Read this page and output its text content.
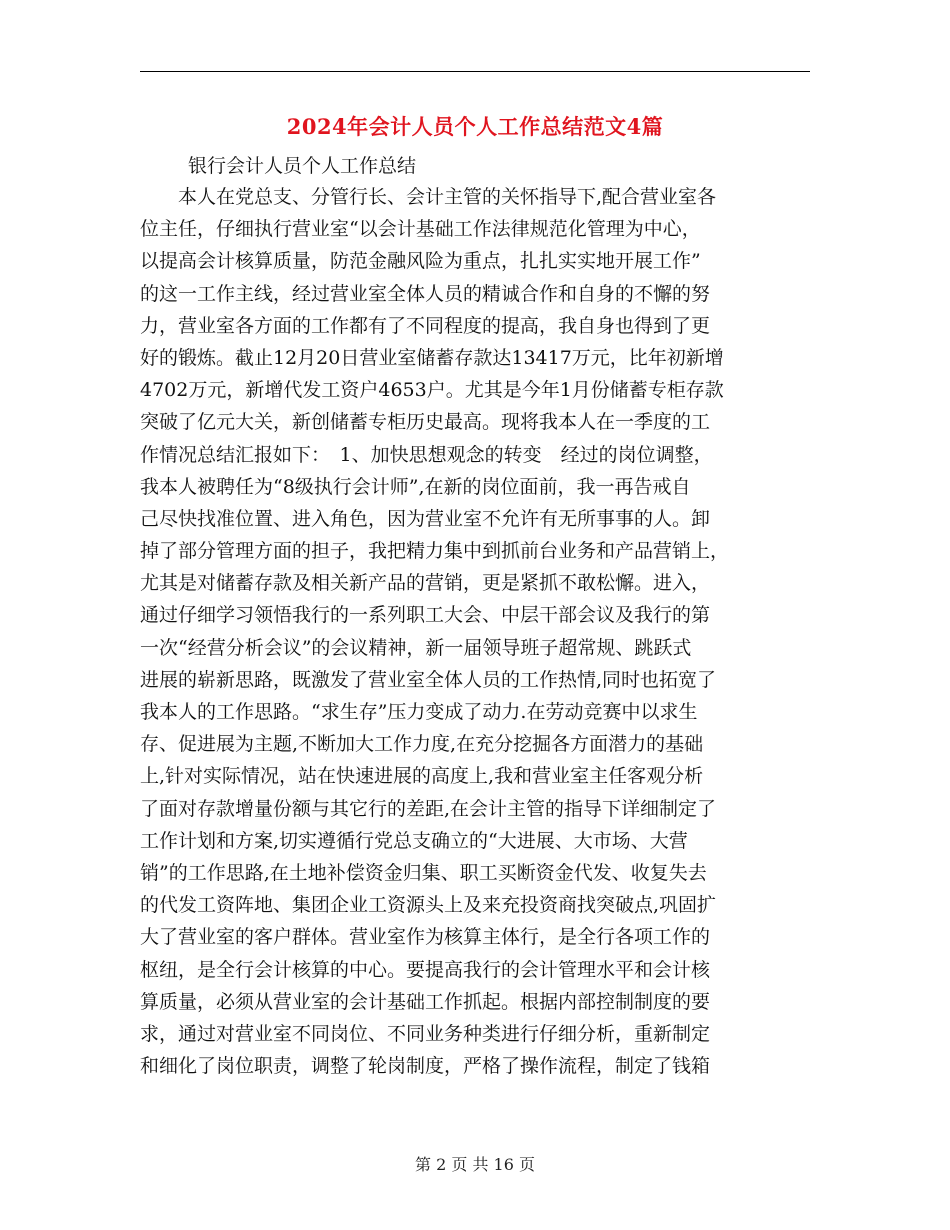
2024年会计人员个人工作总结范文4篇
银行会计人员个人工作总结
　　本人在党总支、分管行长、会计主管的关怀指导下,配合营业室各
位主任，仔细执行营业室“以会计基础工作法律规范化管理为中心，
以提高会计核算质量，防范金融风险为重点，扎扎实实地开展工作”
的这一工作主线，经过营业室全体人员的精诚合作和自身的不懈的努
力，营业室各方面的工作都有了不同程度的提高，我自身也得到了更
好的锻炼。截止12月20日营业室储蓄存款达13417万元，比年初新增
4702万元，新增代发工资户4653户。尤其是今年1月份储蓄专柜存款
突破了亿元大关，新创储蓄专柜历史最高。现将我本人在一季度的工
作情况总结汇报如下：　1、加快思想观念的转变　经过的岗位调整，
我本人被聘任为“8级执行会计师”,在新的岗位面前，我一再告戒自
己尽快找准位置、进入角色，因为营业室不允许有无所事事的人。卸
掉了部分管理方面的担子，我把精力集中到抓前台业务和产品营销上，
尤其是对储蓄存款及相关新产品的营销，更是紧抓不敢松懈。进入，
通过仔细学习领悟我行的一系列职工大会、中层干部会议及我行的第
一次“经营分析会议”的会议精神，新一届领导班子超常规、跳跃式
进展的崭新思路，既激发了营业室全体人员的工作热情,同时也拓宽了
我本人的工作思路。“求生存”压力变成了动力.在劳动竞赛中以求生
存、促进展为主题,不断加大工作力度,在充分挖掘各方面潜力的基础
上,针对实际情况，站在快速进展的高度上,我和营业室主任客观分析
了面对存款增量份额与其它行的差距,在会计主管的指导下详细制定了
工作计划和方案,切实遵循行党总支确立的“大进展、大市场、大营
销”的工作思路,在土地补偿资金归集、职工买断资金代发、收复失去
的代发工资阵地、集团企业工资源头上及来充投资商找突破点,巩固扩
大了营业室的客户群体。营业室作为核算主体行，是全行各项工作的
枢纽，是全行会计核算的中心。要提高我行的会计管理水平和会计核
算质量，必须从营业室的会计基础工作抓起。根据内部控制制度的要
求，通过对营业室不同岗位、不同业务种类进行仔细分析，重新制定
和细化了岗位职责，调整了轮岗制度，严格了操作流程，制定了钱箱
第 2 页 共 16 页
